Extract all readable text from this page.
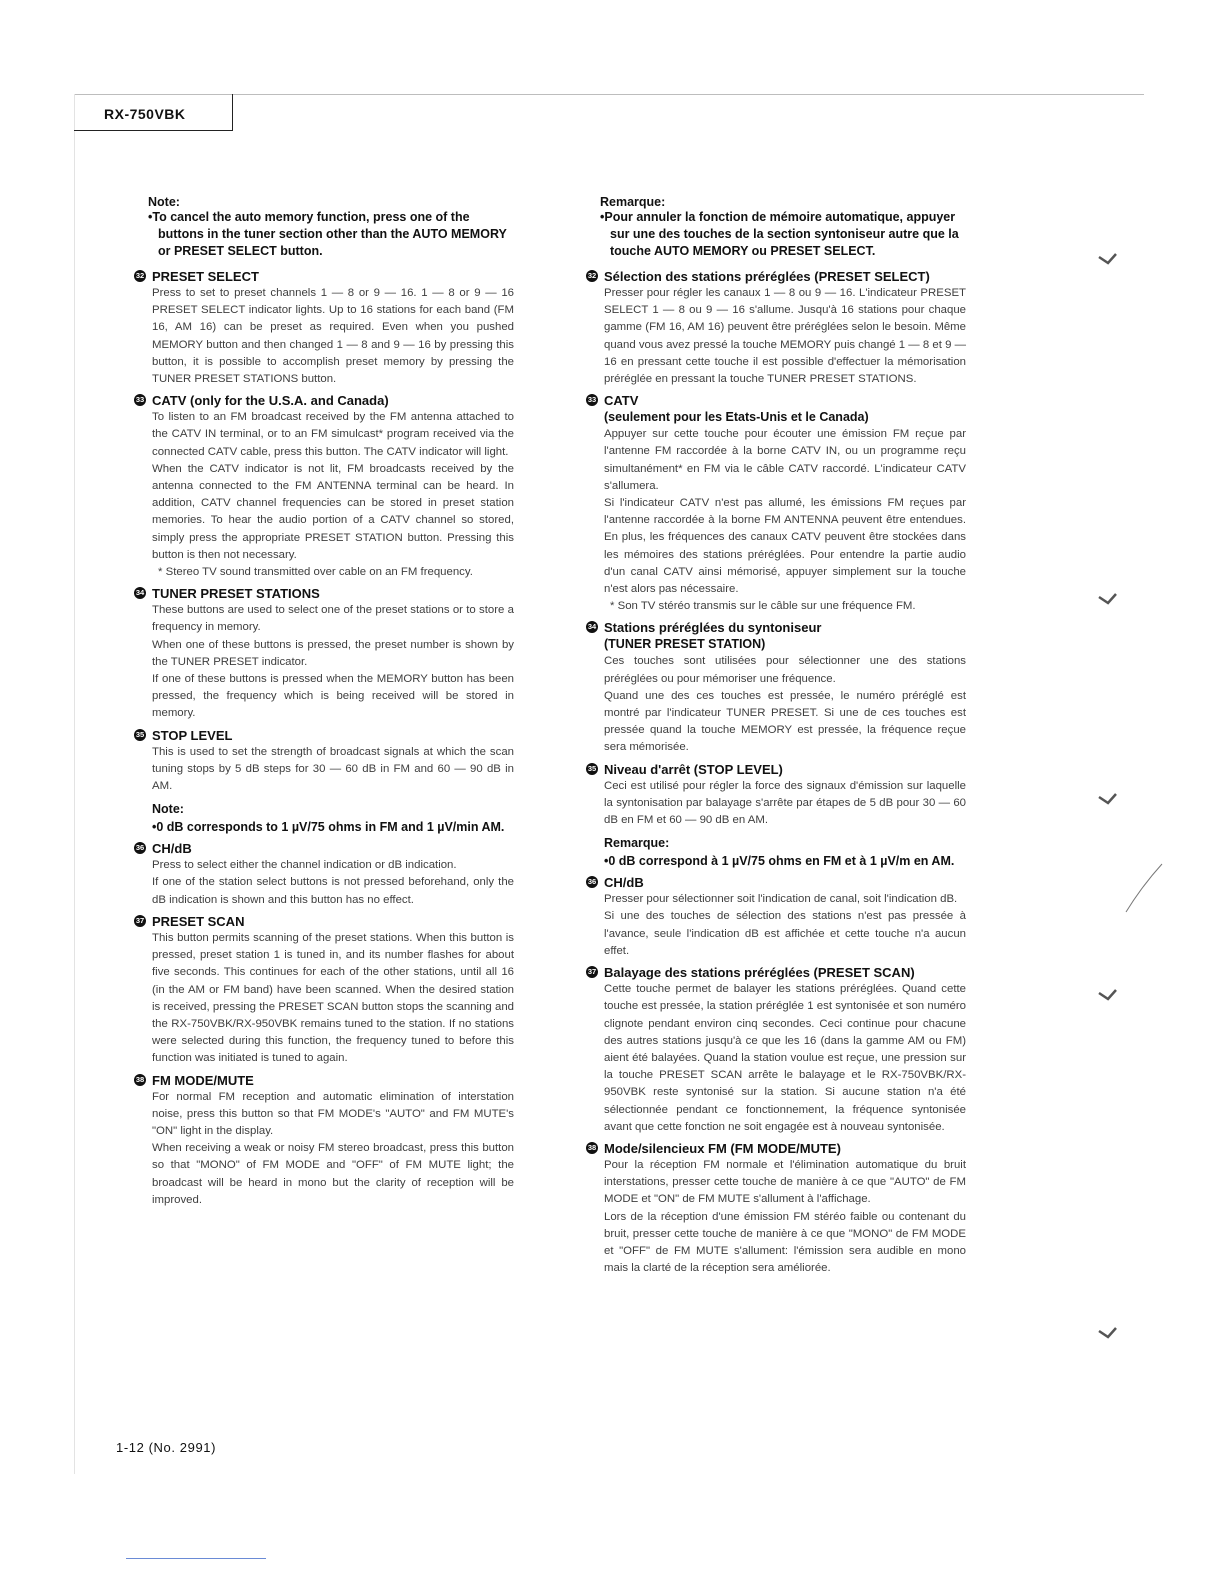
RX-750VBK
Note:
•To cancel the auto memory function, press one of the buttons in the tuner section other than the AUTO MEMORY or PRESET SELECT button.
32 PRESET SELECT
Press to set to preset channels 1 — 8 or 9 — 16. 1 — 8 or 9 — 16 PRESET SELECT indicator lights. Up to 16 stations for each band (FM 16, AM 16) can be preset as required. Even when you pushed MEMORY button and then changed 1 — 8 and 9 — 16 by pressing this button, it is possible to accomplish preset memory by pressing the TUNER PRESET STATIONS button.
33 CATV (only for the U.S.A. and Canada)
To listen to an FM broadcast received by the FM antenna attached to the CATV IN terminal, or to an FM simulcast* program received via the connected CATV cable, press this button. The CATV indicator will light.
When the CATV indicator is not lit, FM broadcasts received by the antenna connected to the FM ANTENNA terminal can be heard. In addition, CATV channel frequencies can be stored in preset station memories. To hear the audio portion of a CATV channel so stored, simply press the appropriate PRESET STATION button. Pressing this button is then not necessary.
* Stereo TV sound transmitted over cable on an FM frequency.
34 TUNER PRESET STATIONS
These buttons are used to select one of the preset stations or to store a frequency in memory.
When one of these buttons is pressed, the preset number is shown by the TUNER PRESET indicator.
If one of these buttons is pressed when the MEMORY button has been pressed, the frequency which is being received will be stored in memory.
35 STOP LEVEL
This is used to set the strength of broadcast signals at which the scan tuning stops by 5 dB steps for 30 — 60 dB in FM and 60 — 90 dB in AM.
Note:
•0 dB corresponds to 1 µV/75 ohms in FM and 1 µV/min AM.
36 CH/dB
Press to select either the channel indication or dB indication.
If one of the station select buttons is not pressed beforehand, only the dB indication is shown and this button has no effect.
37 PRESET SCAN
This button permits scanning of the preset stations. When this button is pressed, preset station 1 is tuned in, and its number flashes for about five seconds. This continues for each of the other stations, until all 16 (in the AM or FM band) have been scanned. When the desired station is received, pressing the PRESET SCAN button stops the scanning and the RX-750VBK/RX-950VBK remains tuned to the station. If no stations were selected during this function, the frequency tuned to before this function was initiated is tuned to again.
38 FM MODE/MUTE
For normal FM reception and automatic elimination of interstation noise, press this button so that FM MODE's "AUTO" and FM MUTE's "ON" light in the display.
When receiving a weak or noisy FM stereo broadcast, press this button so that "MONO" of FM MODE and "OFF" of FM MUTE light; the broadcast will be heard in mono but the clarity of reception will be improved.
Remarque:
•Pour annuler la fonction de mémoire automatique, appuyer sur une des touches de la section syntoniseur autre que la touche AUTO MEMORY ou PRESET SELECT.
32 Sélection des stations préréglées (PRESET SELECT)
Presser pour régler les canaux 1 — 8 ou 9 — 16. L'indicateur PRESET SELECT 1 — 8 ou 9 — 16 s'allume. Jusqu'à 16 stations pour chaque gamme (FM 16, AM 16) peuvent être préréglées selon le besoin. Même quand vous avez pressé la touche MEMORY puis changé 1 — 8 et 9 — 16 en pressant cette touche il est possible d'effectuer la mémorisation préréglée en pressant la touche TUNER PRESET STATIONS.
33 CATV
(seulement pour les Etats-Unis et le Canada)
Appuyer sur cette touche pour écouter une émission FM reçue par l'antenne FM raccordée à la borne CATV IN, ou un programme reçu simultanément* en FM via le câble CATV raccordé. L'indicateur CATV s'allumera.
Si l'indicateur CATV n'est pas allumé, les émissions FM reçues par l'antenne raccordée à la borne FM ANTENNA peuvent être entendues. En plus, les fréquences des canaux CATV peuvent être stockées dans les mémoires des stations préréglées. Pour entendre la partie audio d'un canal CATV ainsi mémorisé, appuyer simplement sur la touche n'est alors pas nécessaire.
* Son TV stéréo transmis sur le câble sur une fréquence FM.
34 Stations préréglées du syntoniseur
(TUNER PRESET STATION)
Ces touches sont utilisées pour sélectionner une des stations préréglées ou pour mémoriser une fréquence.
Quand une des ces touches est pressée, le numéro préréglé est montré par l'indicateur TUNER PRESET. Si une de ces touches est pressée quand la touche MEMORY est pressée, la fréquence reçue sera mémorisée.
35 Niveau d'arrêt (STOP LEVEL)
Ceci est utilisé pour régler la force des signaux d'émission sur laquelle la syntonisation par balayage s'arrête par étapes de 5 dB pour 30 — 60 dB en FM et 60 — 90 dB en AM.
Remarque:
•0 dB correspond à 1 µV/75 ohms en FM et à 1 µV/m en AM.
36 CH/dB
Presser pour sélectionner soit l'indication de canal, soit l'indication dB.
Si une des touches de sélection des stations n'est pas pressée à l'avance, seule l'indication dB est affichée et cette touche n'a aucun effet.
37 Balayage des stations préréglées (PRESET SCAN)
Cette touche permet de balayer les stations préréglées. Quand cette touche est pressée, la station préréglée 1 est syntonisée et son numéro clignote pendant environ cinq secondes. Ceci continue pour chacune des autres stations jusqu'à ce que les 16 (dans la gamme AM ou FM) aient été balayées. Quand la station voulue est reçue, une pression sur la touche PRESET SCAN arrête le balayage et le RX-750VBK/RX-950VBK reste syntonisé sur la station. Si aucune station n'a été sélectionnée pendant ce fonctionnement, la fréquence syntonisée avant que cette fonction ne soit engagée est à nouveau syntonisée.
38 Mode/silencieux FM (FM MODE/MUTE)
Pour la réception FM normale et l'élimination automatique du bruit interstations, presser cette touche de manière à ce que "AUTO" de FM MODE et "ON" de FM MUTE s'allument à l'affichage.
Lors de la réception d'une émission FM stéréo faible ou contenant du bruit, presser cette touche de manière à ce que "MONO" de FM MODE et "OFF" de FM MUTE s'allument: l'émission sera audible en mono mais la clarté de la réception sera améliorée.
1-12 (No. 2991)
